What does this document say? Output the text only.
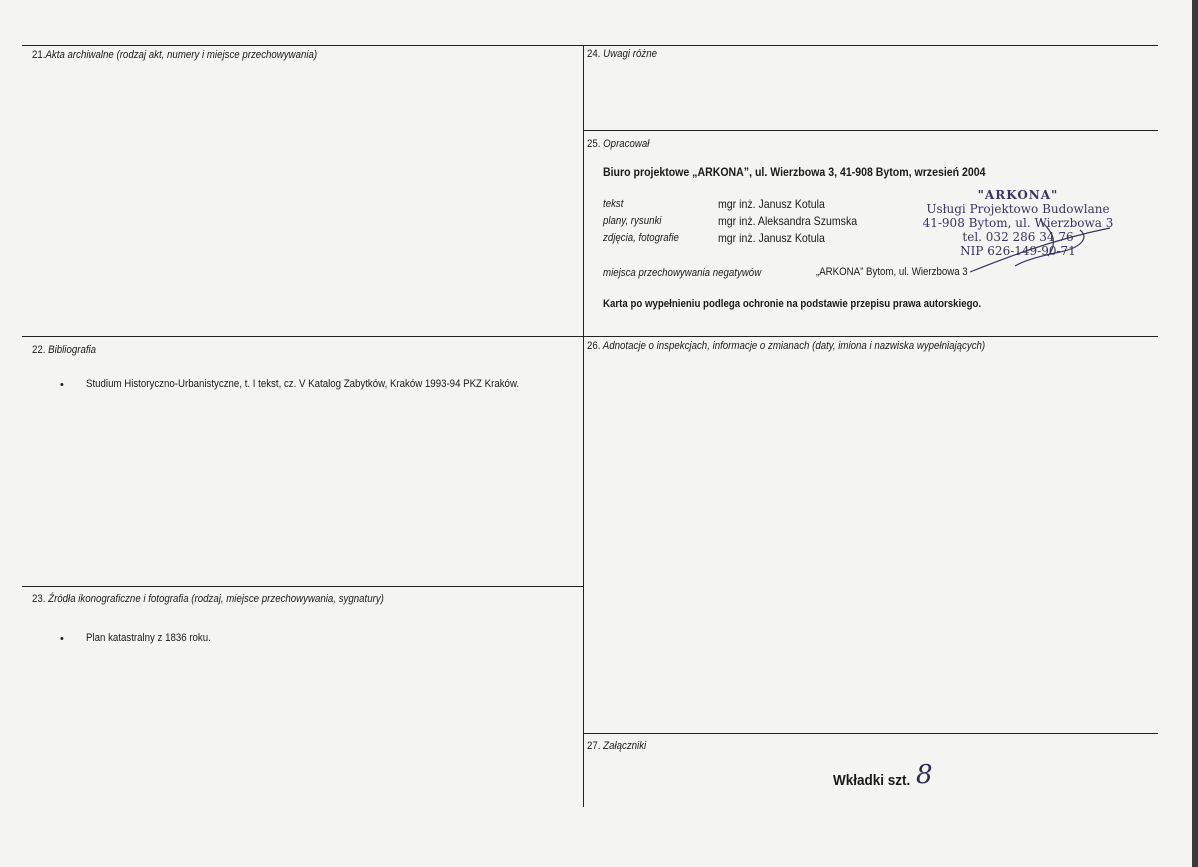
21.Akta archiwalne (rodzaj akt, numery i miejsce przechowywania)	24. Uwagi różne
25. Opracował
Biuro projektowe „ARKONA”, ul. Wierzbowa 3, 41-908 Bytom, wrzesień 2004
tekst	mgr inż. Janusz Kotula
plany, rysunki	mgr inż. Aleksandra Szumska
zdjęcia, fotografie	mgr inż. Janusz Kotula
miejsca przechowywania negatywów	„ARKONA” Bytom, ul. Wierzbowa 3
Karta po wypełnieniu podlega ochronie na podstawie przepisu prawa autorskiego.
"ARKONA"
Usługi Projektowo Budowlane
41-908 Bytom, ul. Wierzbowa 3
tel. 032 286 34 76
NIP 626-149-90-71
22. Bibliografia
• Studium Historyczno-Urbanistyczne, t. I tekst, cz. V Katalog Zabytków, Kraków 1993-94 PKZ Kraków.
26. Adnotacje o inspekcjach, informacje o zmianach (daty, imiona i nazwiska wypełniających)
23. Źródła ikonograficzne i fotografia (rodzaj, miejsce przechowywania, sygnatury)
• Plan katastralny z 1836 roku.
27. Załączniki
Wkładki szt. 8
